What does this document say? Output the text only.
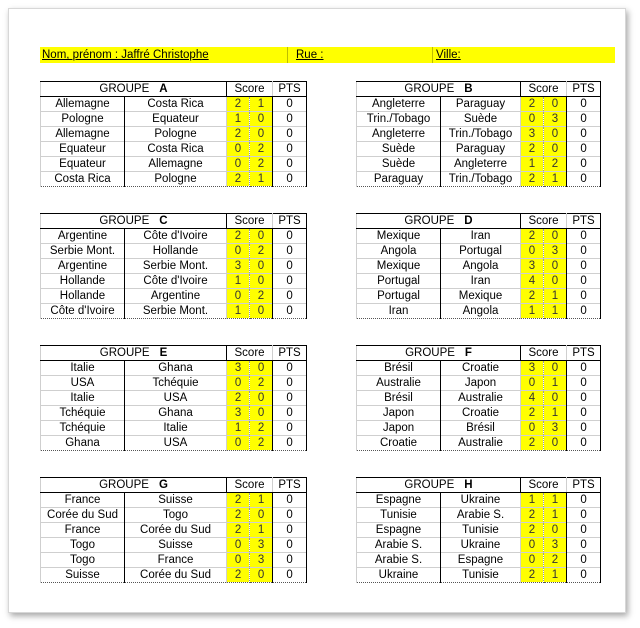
Nom, prénom : Jaffré Christophe	Rue :	Ville:
GROUPE A		Score		PTS
Allemagne	Costa Rica	2	1	0
Pologne	Equateur	1	0	0
Allemagne	Pologne	2	0	0
Equateur	Costa Rica	0	2	0
Equateur	Allemagne	0	2	0
Costa Rica	Pologne	2	1	0
GROUPE B		Score		PTS
Angleterre	Paraguay	2	0	0
Trin./Tobago	Suède	0	3	0
Angleterre	Trin./Tobago	3	0	0
Suède	Paraguay	2	0	0
Suède	Angleterre	1	2	0
Paraguay	Trin./Tobago	2	1	0
GROUPE C		Score		PTS
Argentine	Côte d'Ivoire	2	0	0
Serbie Mont.	Hollande	0	2	0
Argentine	Serbie Mont.	3	0	0
Hollande	Côte d'Ivoire	1	0	0
Hollande	Argentine	0	2	0
Côte d'Ivoire	Serbie Mont.	1	0	0
GROUPE D		Score		PTS
Mexique	Iran	2	0	0
Angola	Portugal	0	3	0
Mexique	Angola	3	0	0
Portugal	Iran	4	0	0
Portugal	Mexique	2	1	0
Iran	Angola	1	1	0
GROUPE E		Score		PTS
Italie	Ghana	3	0	0
USA	Tchéquie	0	2	0
Italie	USA	2	0	0
Tchéquie	Ghana	3	0	0
Tchéquie	Italie	1	2	0
Ghana	USA	0	2	0
GROUPE F		Score		PTS
Brésil	Croatie	3	0	0
Australie	Japon	0	1	0
Brésil	Australie	4	0	0
Japon	Croatie	2	1	0
Japon	Brésil	0	3	0
Croatie	Australie	2	0	0
GROUPE G		Score		PTS
France	Suisse	2	1	0
Corée du Sud	Togo	2	0	0
France	Corée du Sud	2	1	0
Togo	Suisse	0	3	0
Togo	France	0	3	0
Suisse	Corée du Sud	2	0	0
GROUPE H		Score		PTS
Espagne	Ukraine	1	1	0
Tunisie	Arabie S.	2	1	0
Espagne	Tunisie	2	0	0
Arabie S.	Ukraine	0	3	0
Arabie S.	Espagne	0	2	0
Ukraine	Tunisie	2	1	0
